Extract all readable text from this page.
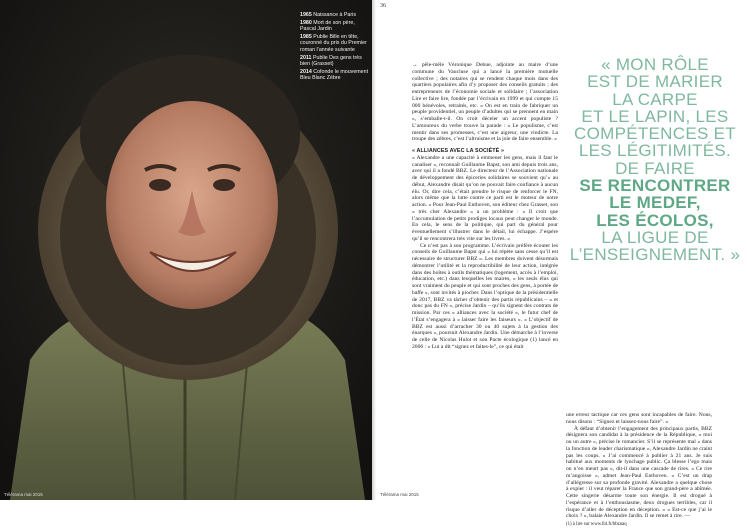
1965 Naissance à Paris
1980 Mort de son père, Pascal Jardin
1985 Publie Bille en tête, couronné du prix du Premier roman l’année suivante
2011 Publie Des gens très bien (Grasset)
2014 Cofonde le mouvement Bleu Blanc Zèbre
Télérama mai 2015
36

→ pêle-mêle Véronique Debue, adjointe au maire d’une commune du Vaucluse qui a lancé la première mutuelle collective ; des notaires qui se rendent chaque mois dans des quartiers populaires afin d’y proposer des conseils gratuits ; des entrepreneurs de l’économie sociale et solidaire ; l’association Lire et faire lire, fondée par l’écrivain en 1999 et qui compte 15 000 bénévoles, retraités, etc. « On est en train de fabriquer un peuple providentiel, un peuple d’adultes qui se prennent en main », s’emballe-t-il. On croit déceler un accent populiste ? L’amoureux du verbe trouve la parade : « Le populisme, c’est mentir dans ses promesses, c’est une aigreur, une vindicte. La troupe des zèbres, c’est l’altruisme et la joie de faire ensemble. »

« ALLIANCES AVEC LA SOCIÉTÉ »

« Alexandre a une capacité à emmener les gens, mais il faut le canaliser », reconnaît Guillaume Bapst, son ami depuis trois ans, avec qui il a fondé BBZ. Le directeur de l’Association nationale de développement des épiceries solidaires se souvient qu’« au début, Alexandre disait qu’on ne pouvait faire confiance à aucun élu. Or, dire cela, c’était prendre le risque de renforcer le FN, alors même que la lutte contre ce parti est le moteur de notre action. » Pour Jean-Paul Enthoven, son éditeur chez Grasset, son « très cher Alexandre » a un problème : « Il croit que l’accumulation de petits prodiges locaux peut changer le monde. En cela, le sens de la politique, qui part du général pour éventuellement s’illustrer dans le détail, lui échappe. J’espère qu’il se rencontrera très vite sur les livres. »

Ce n’est pas à son programme. L’écrivain préfère écouter les conseils de Guillaume Bapst qui « lui répète sans cesse qu’il est nécessaire de structurer BBZ ». Les membres doivent désormais démontrer l’utilité et la reproductibilité de leur action, intégrée dans des boîtes à outils thématiques (logement, accès à l’emploi, éducation, etc.) dans lesquelles les maires, « les seuls élus qui sont vraiment du peuple et qui sont proches des gens, à portée de baffe », sont invités à piocher. Dans l’optique de la présidentielle de 2017, BBZ va tâcher d’obtenir des partis républicains – « et donc pas du FN », précise Jardin – qu’ils signent des contrats de mission. Par ces « alliances avec la société », le futur chef de l’État s’engagera à « laisser faire les faiseurs ». « L’objectif de BBZ est aussi d’arracher 30 ou 40 sujets à la gestion des énarques », poursuit Alexandre Jardin. Une démarche à l’inverse de celle de Nicolas Hulot et son Pacte écologique (1) lancé en 2006 : « Lui a dit “signez et faites-le”, ce qui était

« MON RÔLE
EST DE MARIER
LA CARPE
ET LE LAPIN, LES
COMPÉTENCES ET
LES LÉGITIMITÉS.
DE FAIRE
SE RENCONTRER
LE MEDEF,
LES ÉCOLOS,
LA LIGUE DE
L’ENSEIGNEMENT. »

une erreur tactique car ces gens sont incapables de faire. Nous, nous disons : “Signez et laissez-nous faire”. »

À défaut d’obtenir l’engagement des principaux partis, BBZ désignera son candidat à la présidence de la République, « moi ou un autre », précise le romancier. S’il se représente mal « dans la fonction de leader charismatique », Alexandre Jardin ne craint pas les coups. « J’ai commencé à publier à 21 ans. Je suis habitué aux moments de lynchage public. Ça blesse l’ego mais on n’en meurt pas », dit-il dans une cascade de rires. « Ce rire m’angoisse », admet Jean-Paul Enthoven. « C’est un drap d’allégresse sur sa profonde gravité. Alexandre a quelque chose à expier : il veut réparer la France que son grand-père a abîmée. Cette singerie désarme toute son énergie. Il est drogué à l’espérance et à l’enthousiasme, deux drogues terribles, car il risque d’aller de déception en déception. » « Est-ce que j’ai le choix ? », balaie Alexandre Jardin. Il se remet à rire. —

(1) à lire sur www.lbl.fr/bbznaq

Télérama mai 2015
